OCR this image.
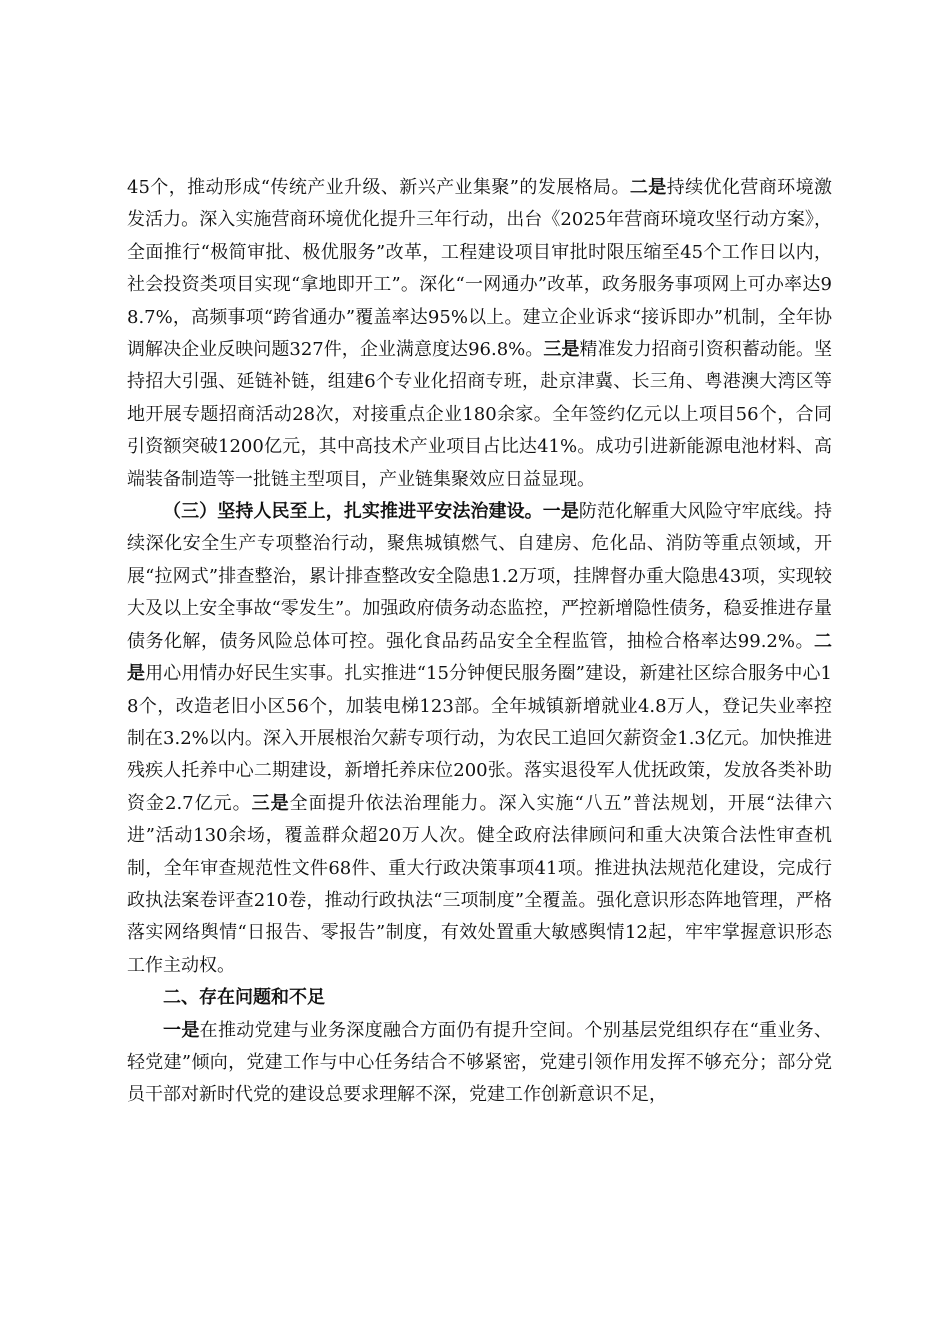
45个，推动形成“传统产业升级、新兴产业集聚”的发展格局。二是持续优化营商环境激发活力。深入实施营商环境优化提升三年行动，出台《2025年营商环境攻坚行动方案》，全面推行“极简审批、极优服务”改革，工程建设项目审批时限压缩至45个工作日以内，社会投资类项目实现“拿地即开工”。深化“一网通办”改革，政务服务事项网上可办率达98.7%，高频事项“跨省通办”覆盖率达95%以上。建立企业诉求“接诉即办”机制，全年协调解决企业反映问题327件，企业满意度达96.8%。三是精准发力招商引资积蓄动能。坚持招大引强、延链补链，组建6个专业化招商专班，赴京津冀、长三角、粤港澳大湾区等地开展专题招商活动28次，对接重点企业180余家。全年签约亿元以上项目56个，合同引资额突破1200亿元，其中高技术产业项目占比达41%。成功引进新能源电池材料、高端装备制造等一批链主型项目，产业链集聚效应日益显现。

（三）坚持人民至上，扎实推进平安法治建设。一是防范化解重大风险守牢底线。持续深化安全生产专项整治行动，聚焦城镇燃气、自建房、危化品、消防等重点领域，开展“拉网式”排查整治，累计排查整改安全隐患1.2万项，挂牌督办重大隐患43项，实现较大及以上安全事故“零发生”。加强政府债务动态监控，严控新增隐性债务，稳妥推进存量债务化解，债务风险总体可控。强化食品药品安全全程监管，抽检合格率达99.2%。二是用心用情办好民生实事。扎实推进“15分钟便民服务圈”建设，新建社区综合服务中心18个，改造老旧小区56个，加装电梯123部。全年城镇新增就业4.8万人，登记失业率控制在3.2%以内。深入开展根治欠薪专项行动，为农民工追回欠薪资金1.3亿元。加快推进残疾人托养中心二期建设，新增托养床位200张。落实退役军人优抚政策，发放各类补助资金2.7亿元。三是全面提升依法治理能力。深入实施“八五”普法规划，开展“法律六进”活动130余场，覆盖群众超20万人次。健全政府法律顾问和重大决策合法性审查机制，全年审查规范性文件68件、重大行政决策事项41项。推进执法规范化建设，完成行政执法案卷评查210卷，推动行政执法“三项制度”全覆盖。强化意识形态阵地管理，严格落实网络舆情“日报告、零报告”制度，有效处置重大敏感舆情12起，牢牢掌握意识形态工作主动权。

二、存在问题和不足

一是在推动党建与业务深度融合方面仍有提升空间。个别基层党组织存在“重业务、轻党建”倾向，党建工作与中心任务结合不够紧密，党建引领作用发挥不够充分；部分党员干部对新时代党的建设总要求理解不深，党建工作创新意识不足，
